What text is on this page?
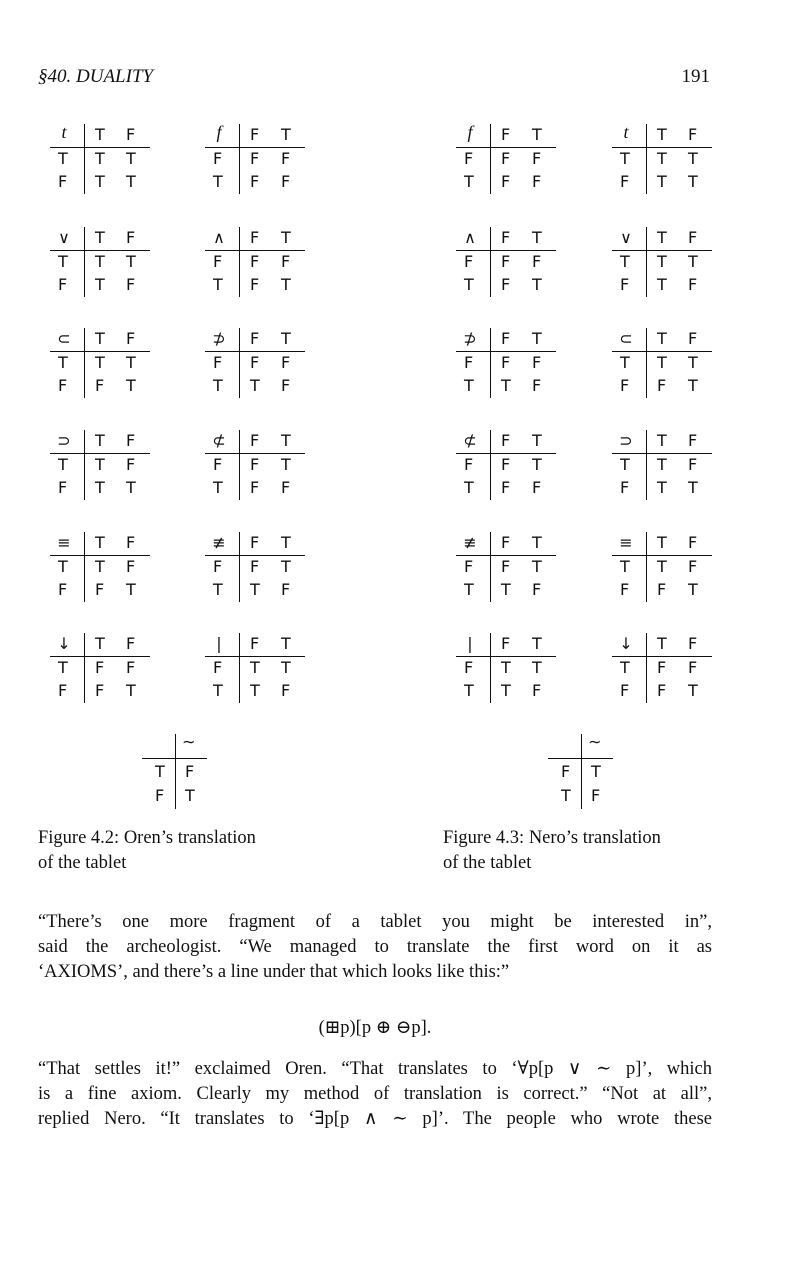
§40. DUALITY	191
t	T F
T T T
F T T
f	F T
F F F
T F F
f	F T
F F F
T F F
t	T F
T T T
F T T
∨	T F
T T T
F T F
∧	F T
F F F
T F T
∧	F T
F F F
T F T
∨	T F
T T T
F T F
⊂	T F
T T T
F F T
⊅	F T
F F F
T T F
⊅	F T
F F F
T T F
⊂	T F
T T T
F F T
⊃	T F
T T F
F T T
⊄	F T
F F T
T F F
⊄	F T
F F T
T F F
⊃	T F
T T F
F T T
≡	T F
T T F
F F T
≢	F T
F F T
T T F
≢	F T
F F T
T T F
≡	T F
T T F
F F T
↓	T F
T F F
F F T
|	F T
F T T
T T F
|	F T
F T T
T T F
↓	T F
T F F
F F T
∼
T F
F T
∼
F T
T F
Figure 4.2: Oren’s translation
of the tablet
Figure 4.3: Nero’s translation
of the tablet
“There’s one more fragment of a tablet you might be interested in”,
said the archeologist. “We managed to translate the first word on it as
‘AXIOMS’, and there’s a line under that which looks like this:”
(⊞p)[p ⊕ ⊖p].
“That settles it!” exclaimed Oren. “That translates to ‘∀p[p ∨ ∼ p]’, which
is a fine axiom. Clearly my method of translation is correct.” “Not at all”,
replied Nero. “It translates to ‘∃p[p ∧ ∼ p]’. The people who wrote these
